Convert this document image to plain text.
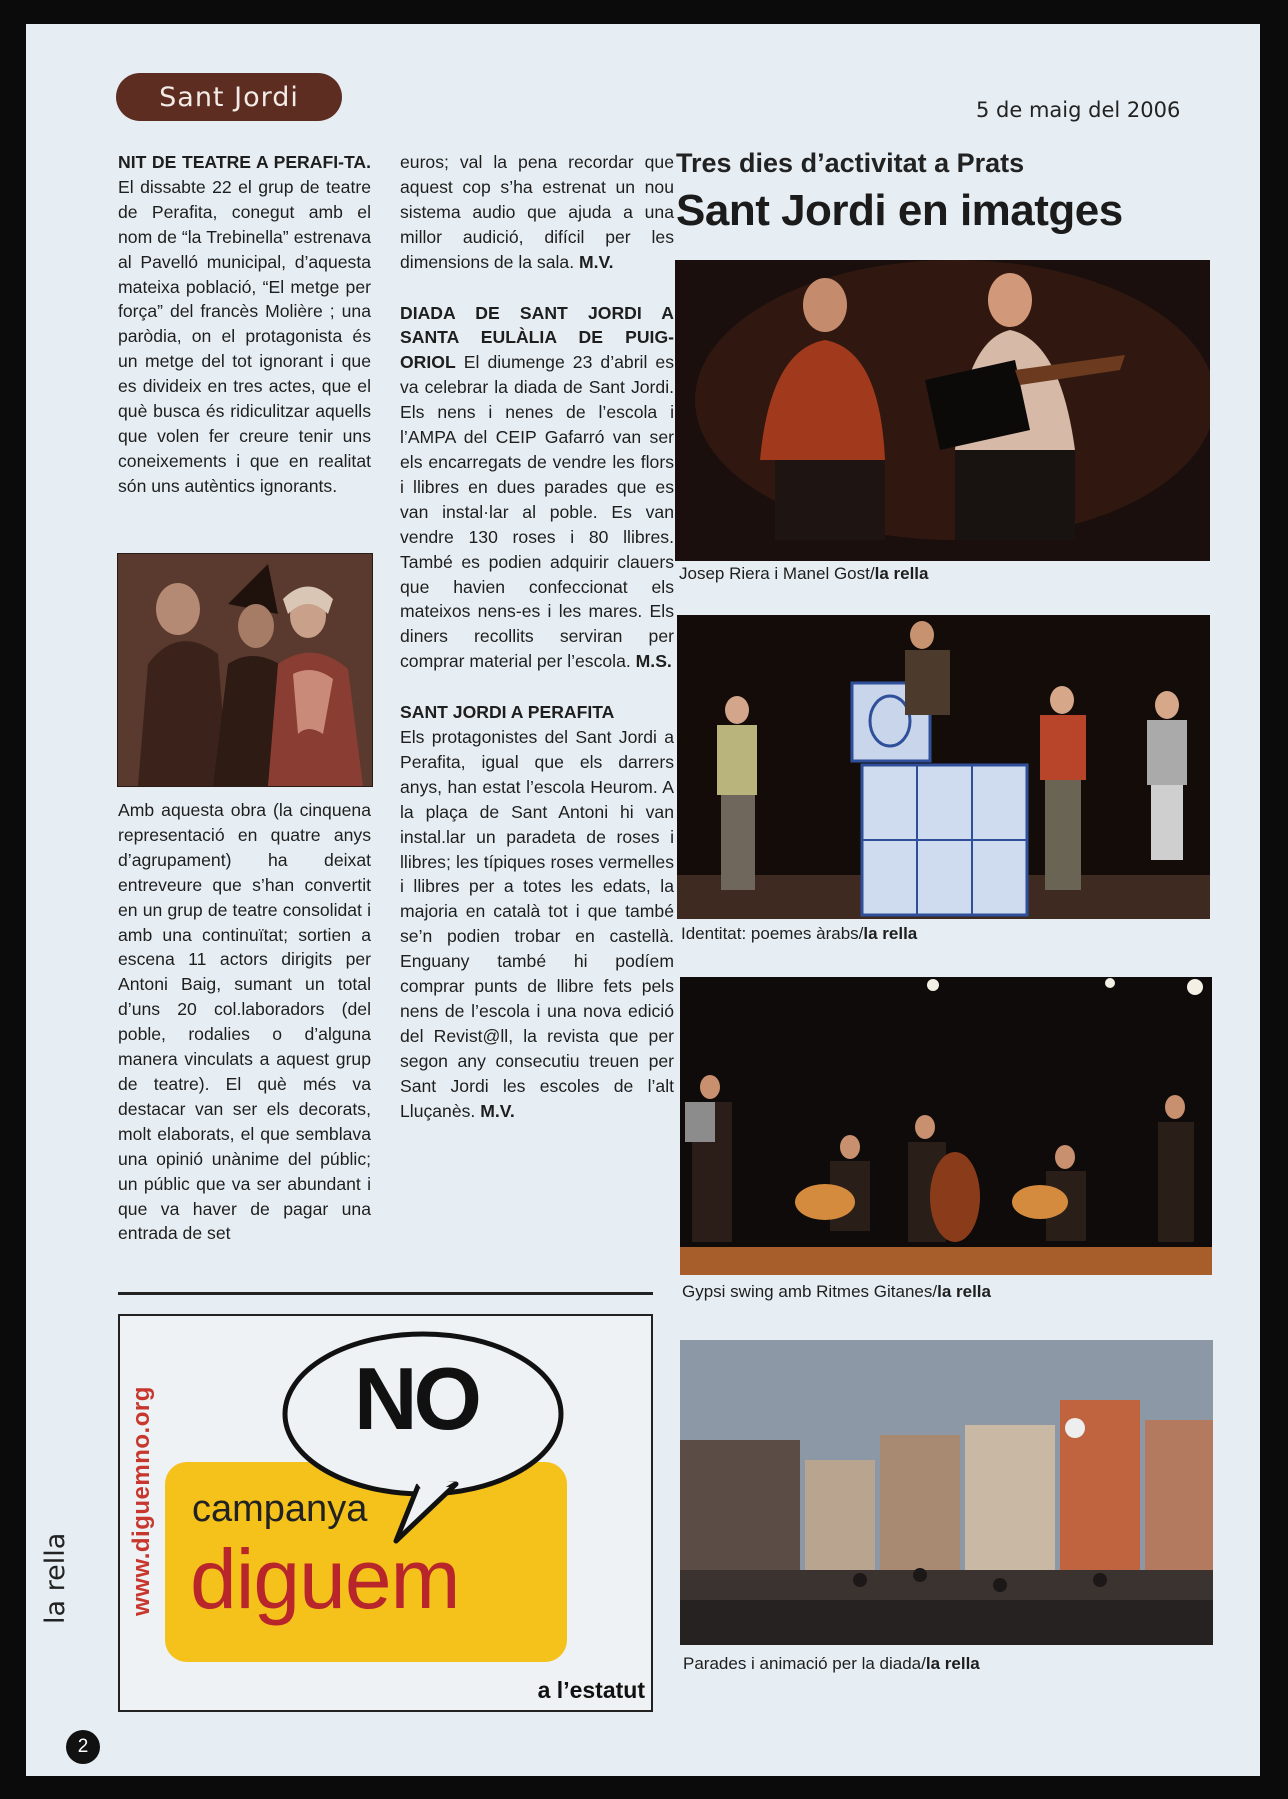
Sant Jordi	5 de maig del 2006

NIT DE TEATRE A PERAFI-TA. El dissabte 22 el grup de teatre de Perafita, conegut amb el nom de “la Trebinella” estrenava al Pavelló municipal, d’aquesta mateixa població, “El metge per força” del francès Molière ; una paròdia, on el protagonista és un metge del tot ignorant i que es divideix en tres actes, que el què busca és ridiculitzar aquells que volen fer creure tenir uns coneixements i que en realitat són uns autèntics ignorants.

Amb aquesta obra (la cinquena representació en quatre anys d’agrupament) ha deixat entreveure que s’han convertit en un grup de teatre consolidat i amb una continuïtat; sortien a escena 11 actors dirigits per Antoni Baig, sumant un total d’uns 20 col.laboradors (del poble, rodalies o d’alguna manera vinculats a aquest grup de teatre). El què més va destacar van ser els decorats, molt elaborats, el que semblava una opinió unànime del públic; un públic que va ser abundant i que va haver de pagar una entrada de set

euros; val la pena recordar que aquest cop s’ha estrenat un nou sistema audio que ajuda a una millor audició, difícil per les dimensions de la sala. M.V.

DIADA DE SANT JORDI A SANTA EULÀLIA DE PUIG-ORIOL El diumenge 23 d’abril es va celebrar la diada de Sant Jordi. Els nens i nenes de l’escola i l’AMPA del CEIP Gafarró van ser els encarregats de vendre les flors i llibres en dues parades que es van instal·lar al poble. Es van vendre 130 roses i 80 llibres. També es podien adquirir clauers que havien confeccionat els mateixos nens-es i les mares. Els diners recollits serviran per comprar material per l’escola. M.S.

SANT JORDI A PERAFITA
Els protagonistes del Sant Jordi a Perafita, igual que els darrers anys, han estat l’escola Heurom. A la plaça de Sant Antoni hi van instal.lar un paradeta de roses i llibres; les típiques roses vermelles i llibres per a totes les edats, la majoria en català tot i que també se’n podien trobar en castellà. Enguany també hi podíem comprar punts de llibre fets pels nens de l’escola i una nova edició del Revist@ll, la revista que per segon any consecutiu treuen per Sant Jordi les escoles de l’alt Lluçanès. M.V.

Tres dies d’activitat a Prats
Sant Jordi en imatges
Josep Riera i Manel Gost/la rella
Identitat: poemes àrabs/la rella
Gypsi swing amb Ritmes Gitanes/la rella
Parades i animació per la diada/la rella
www.diguemno.org	NO
campanya
diguem
a l’estatut
la rella
2
